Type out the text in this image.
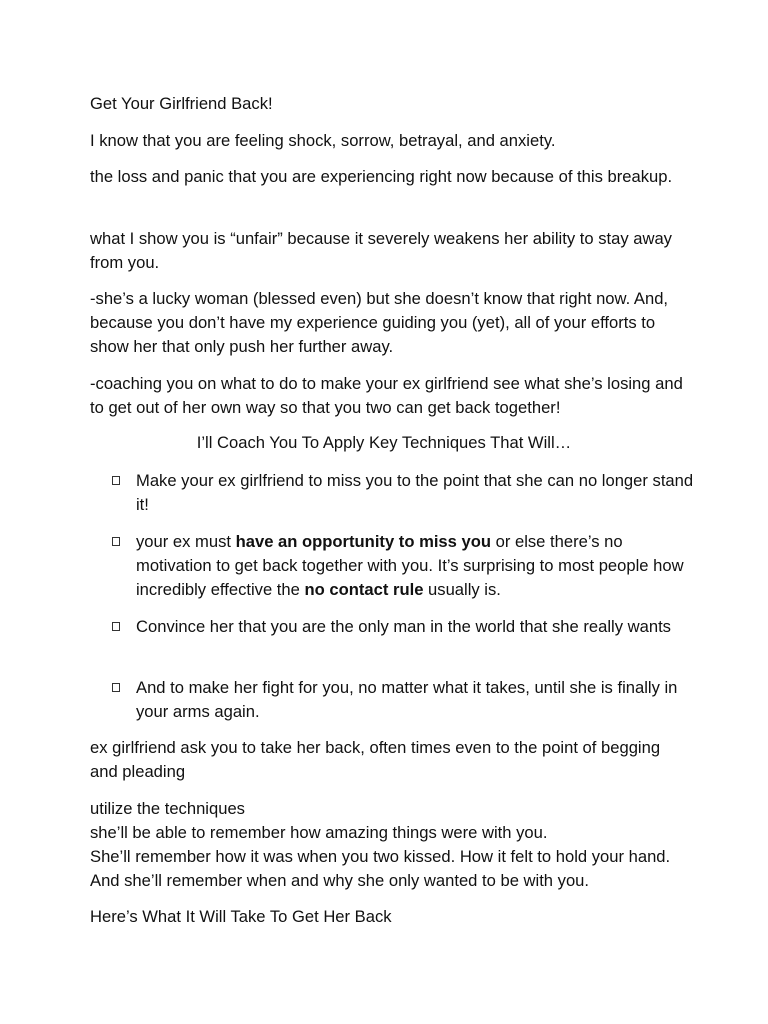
Get Your Girlfriend Back!

I know that you are feeling shock, sorrow, betrayal, and anxiety.

the loss and panic that you are experiencing right now because of this breakup.

what I show you is “unfair” because it severely weakens her ability to stay away from you.

-she’s a lucky woman (blessed even) but she doesn’t know that right now. And, because you don’t have my experience guiding you (yet), all of your efforts to show her that only push her further away.

-coaching you on what to do to make your ex girlfriend see what she’s losing and to get out of her own way so that you two can get back together!

I’ll Coach You To Apply Key Techniques That Will…

Make your ex girlfriend to miss you to the point that she can no longer stand it!
your ex must have an opportunity to miss you or else there’s no motivation to get back together with you. It’s surprising to most people how incredibly effective the no contact rule usually is.
Convince her that you are the only man in the world that she really wants
And to make her fight for you, no matter what it takes, until she is finally in your arms again.

ex girlfriend ask you to take her back, often times even to the point of begging and pleading

utilize the techniques

she’ll be able to remember how amazing things were with you.

She’ll remember how it was when you two kissed. How it felt to hold your hand. And she’ll remember when and why she only wanted to be with you.

Here’s What It Will Take To Get Her Back
